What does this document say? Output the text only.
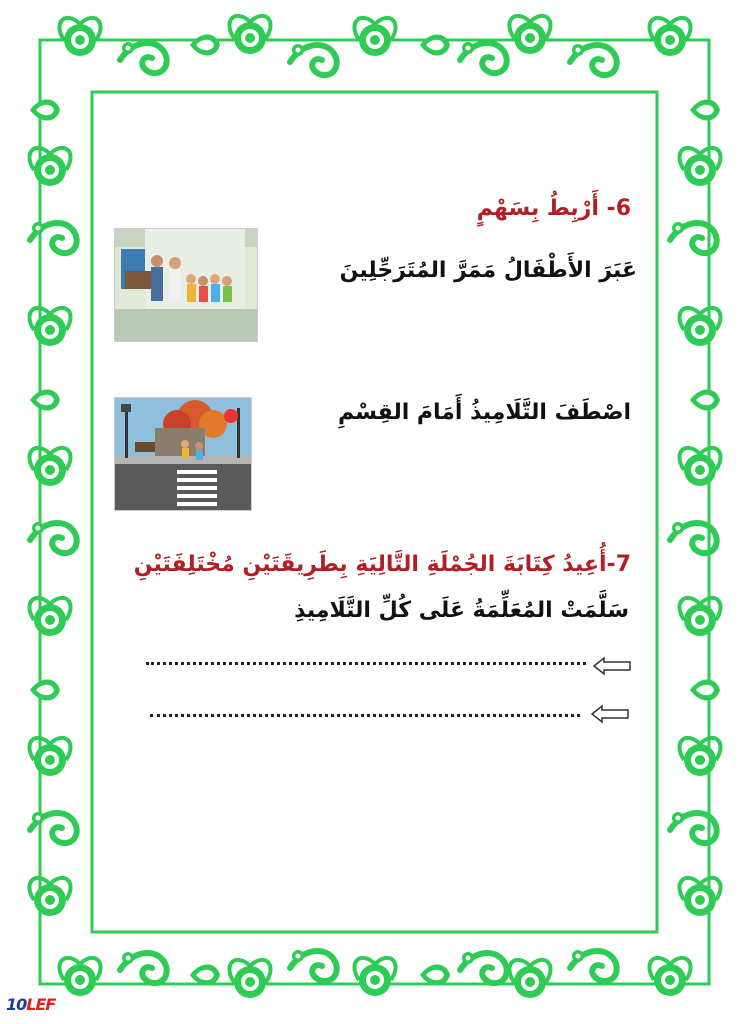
6- أَرْبِطُ بِسَهْمٍ
عَبَرَ الأَطْفَالُ مَمَرَّ المُتَرَجِّلِينَ
اصْطَفَ التَّلَامِيذُ أَمَامَ القِسْمِ
7-أُعِيدُ كِتَابَةَ الجُمْلَةِ التَّالِيَةِ بِطَرِيقَتَيْنِ مُخْتَلِفَتَيْنِ
سَلَّمَتْ المُعَلِّمَةُ عَلَى كُلِّ التَّلَامِيذِ
10LEF
